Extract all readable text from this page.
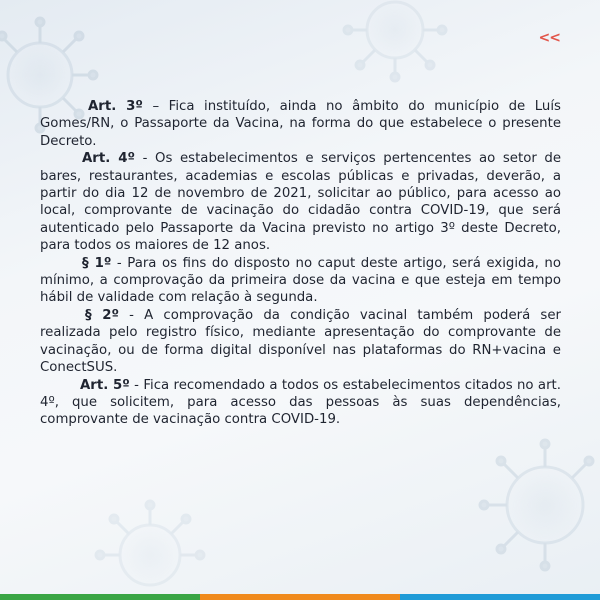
<<

Art. 3º – Fica instituído, ainda no âmbito do município de Luís Gomes/RN, o Passaporte da Vacina, na forma do que estabelece o presente Decreto.

Art. 4º - Os estabelecimentos e serviços pertencentes ao setor de bares, restaurantes, academias e escolas públicas e privadas, deverão, a partir do dia 12 de novembro de 2021, solicitar ao público, para acesso ao local, comprovante de vacinação do cidadão contra COVID-19, que será autenticado pelo Passaporte da Vacina previsto no artigo 3º deste Decreto, para todos os maiores de 12 anos.

§ 1º - Para os fins do disposto no caput deste artigo, será exigida, no mínimo, a comprovação da primeira dose da vacina e que esteja em tempo hábil de validade com relação à segunda.

§ 2º - A comprovação da condição vacinal também poderá ser realizada pelo registro físico, mediante apresentação do comprovante de vacinação, ou de forma digital disponível nas plataformas do RN+vacina e ConectSUS.

Art. 5º - Fica recomendado a todos os estabelecimentos citados no art. 4º, que solicitem, para acesso das pessoas às suas dependências, comprovante de vacinação contra COVID-19.
